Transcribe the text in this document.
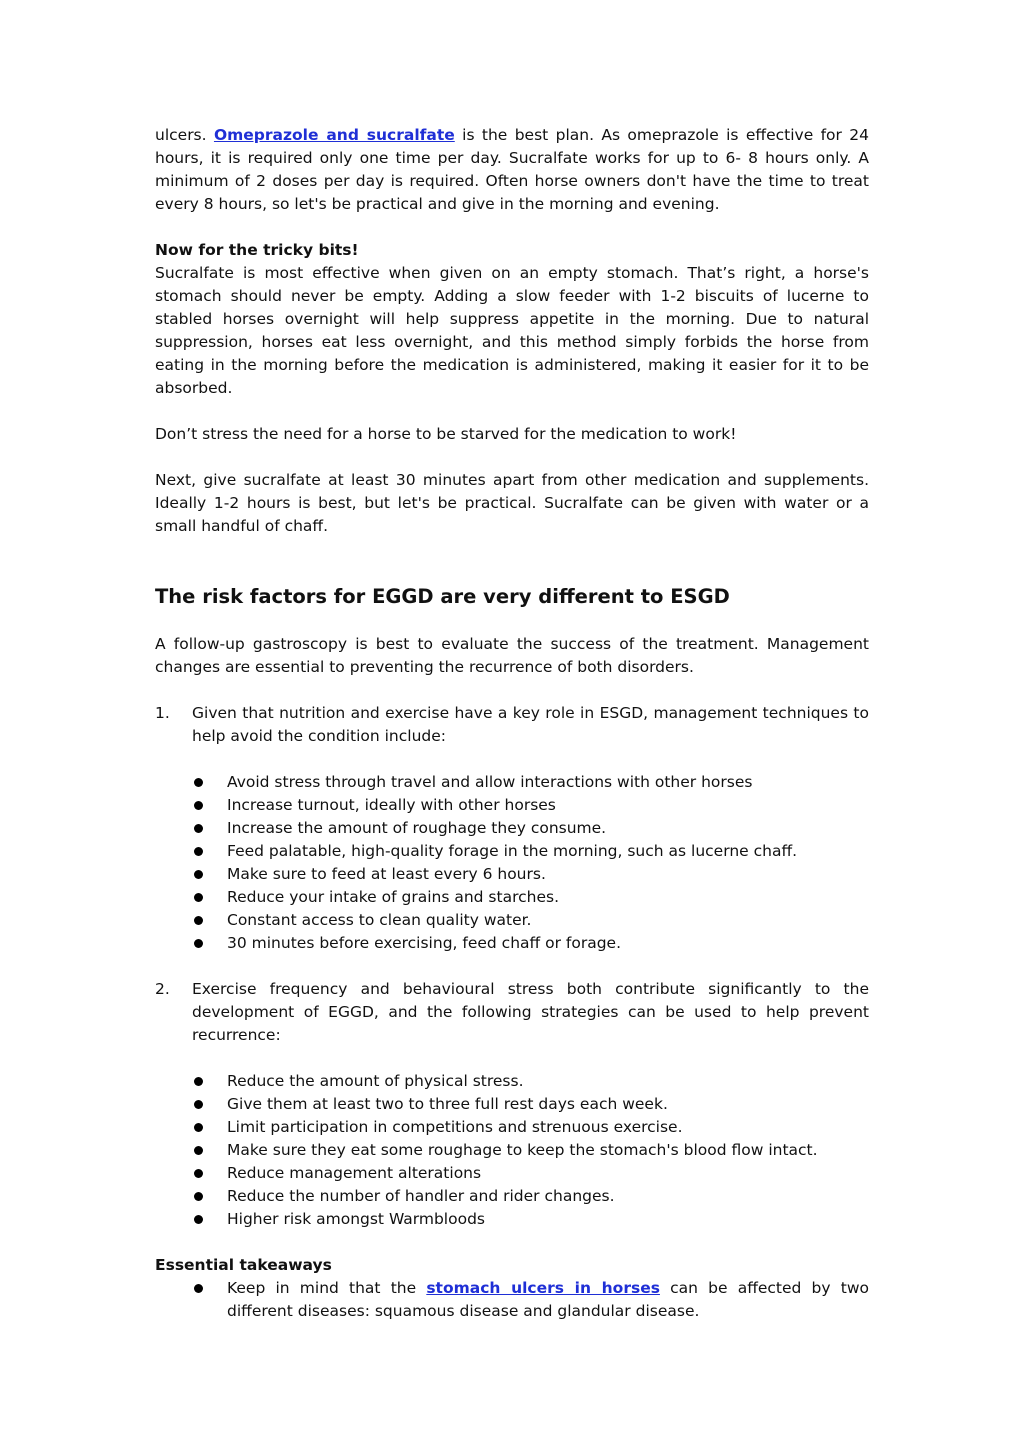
ulcers. Omeprazole and sucralfate is the best plan. As omeprazole is effective for 24 hours, it is required only one time per day. Sucralfate works for up to 6- 8 hours only. A minimum of 2 doses per day is required. Often horse owners don't have the time to treat every 8 hours, so let's be practical and give in the morning and evening.

Now for the tricky bits!

Sucralfate is most effective when given on an empty stomach. That’s right, a horse's stomach should never be empty. Adding a slow feeder with 1-2 biscuits of lucerne to stabled horses overnight will help suppress appetite in the morning. Due to natural suppression, horses eat less overnight, and this method simply forbids the horse from eating in the morning before the medication is administered, making it easier for it to be absorbed.

Don’t stress the need for a horse to be starved for the medication to work!

Next, give sucralfate at least 30 minutes apart from other medication and supplements. Ideally 1-2 hours is best, but let's be practical. Sucralfate can be given with water or a small handful of chaff.

The risk factors for EGGD are very different to ESGD

A follow-up gastroscopy is best to evaluate the success of the treatment. Management changes are essential to preventing the recurrence of both disorders.

1. Given that nutrition and exercise have a key role in ESGD, management techniques to help avoid the condition include:
Avoid stress through travel and allow interactions with other horses
Increase turnout, ideally with other horses
Increase the amount of roughage they consume.
Feed palatable, high-quality forage in the morning, such as lucerne chaff.
Make sure to feed at least every 6 hours.
Reduce your intake of grains and starches.
Constant access to clean quality water.
30 minutes before exercising, feed chaff or forage.
2. Exercise frequency and behavioural stress both contribute significantly to the development of EGGD, and the following strategies can be used to help prevent recurrence:
Reduce the amount of physical stress.
Give them at least two to three full rest days each week.
Limit participation in competitions and strenuous exercise.
Make sure they eat some roughage to keep the stomach's blood flow intact.
Reduce management alterations
Reduce the number of handler and rider changes.
Higher risk amongst Warmbloods

Essential takeaways

Keep in mind that the stomach ulcers in horses can be affected by two different diseases: squamous disease and glandular disease.
